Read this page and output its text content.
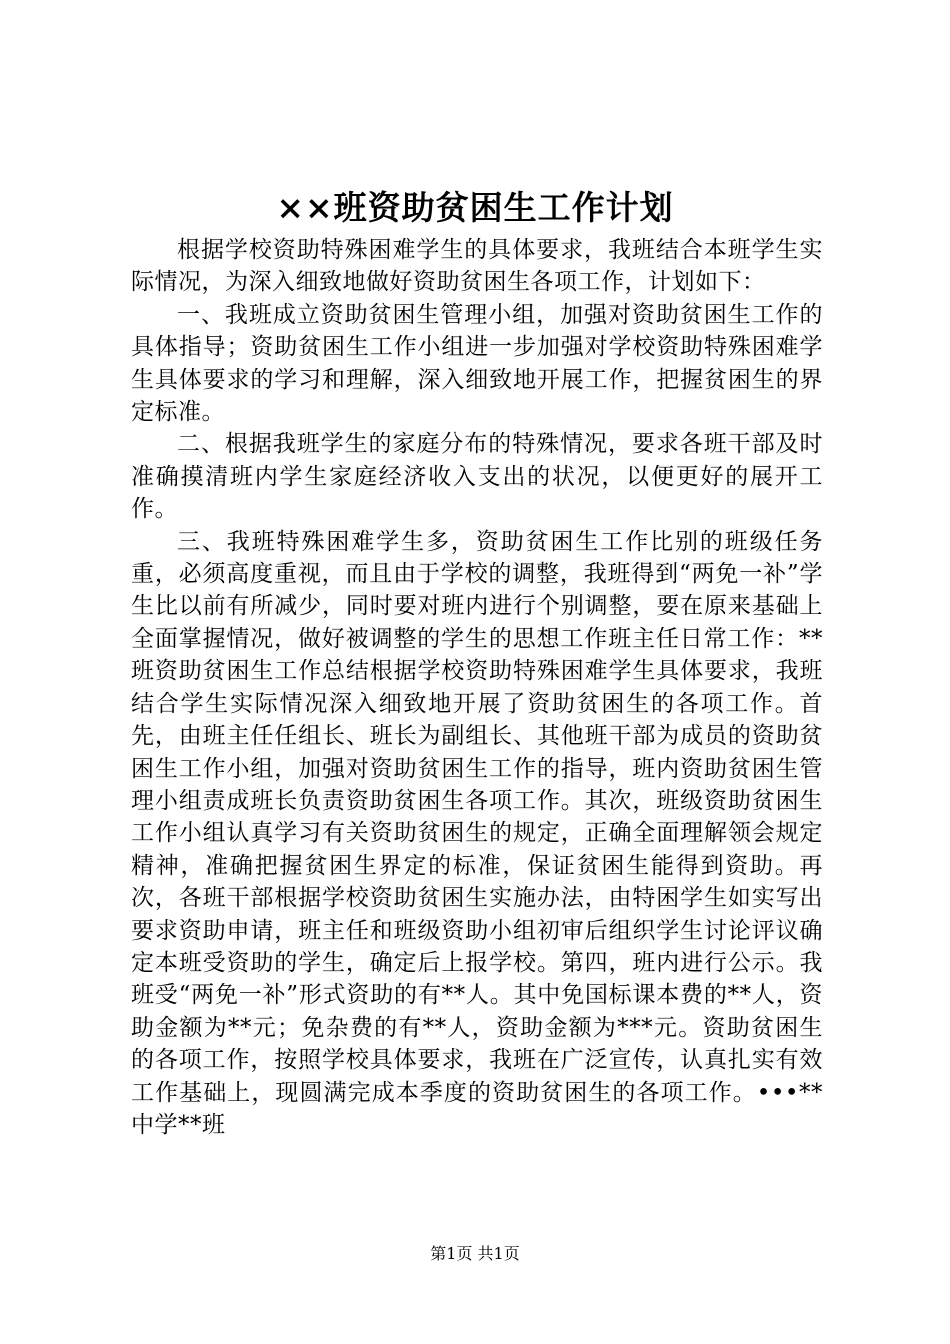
××班资助贫困生工作计划

根据学校资助特殊困难学生的具体要求，我班结合本班学生实际情况，为深入细致地做好资助贫困生各项工作，计划如下：

一、我班成立资助贫困生管理小组，加强对资助贫困生工作的具体指导；资助贫困生工作小组进一步加强对学校资助特殊困难学生具体要求的学习和理解，深入细致地开展工作，把握贫困生的界定标准。

二、根据我班学生的家庭分布的特殊情况，要求各班干部及时准确摸清班内学生家庭经济收入支出的状况，以便更好的展开工作。

三、我班特殊困难学生多，资助贫困生工作比别的班级任务重，必须高度重视，而且由于学校的调整，我班得到“两免一补”学生比以前有所减少，同时要对班内进行个别调整，要在原来基础上全面掌握情况，做好被调整的学生的思想工作班主任日常工作：**班资助贫困生工作总结根据学校资助特殊困难学生具体要求，我班结合学生实际情况深入细致地开展了资助贫困生的各项工作。首先，由班主任任组长、班长为副组长、其他班干部为成员的资助贫困生工作小组，加强对资助贫困生工作的指导，班内资助贫困生管理小组责成班长负责资助贫困生各项工作。其次，班级资助贫困生工作小组认真学习有关资助贫困生的规定，正确全面理解领会规定精神，准确把握贫困生界定的标准，保证贫困生能得到资助。再次，各班干部根据学校资助贫困生实施办法，由特困学生如实写出要求资助申请，班主任和班级资助小组初审后组织学生讨论评议确定本班受资助的学生，确定后上报学校。第四，班内进行公示。我班受“两免一补”形式资助的有**人。其中免国标课本费的**人，资助金额为**元；免杂费的有**人，资助金额为***元。资助贫困生的各项工作，按照学校具体要求，我班在广泛宣传，认真扎实有效工作基础上，现圆满完成本季度的资助贫困生的各项工作。•••**中学**班

第1页 共1页
